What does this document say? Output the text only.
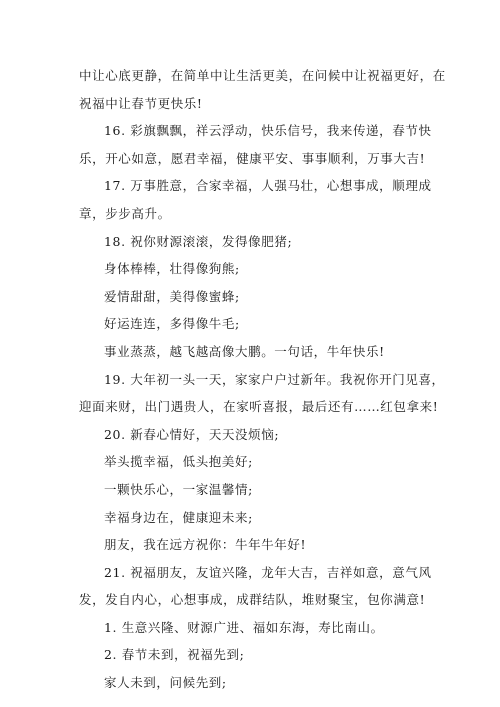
中让心底更静，在简单中让生活更美，在问候中让祝福更好，在
祝福中让春节更快乐!
16. 彩旗飘飘，祥云浮动，快乐信号，我来传递，春节快
乐，开心如意，愿君幸福，健康平安、事事顺利，万事大吉!
17. 万事胜意，合家幸福，人强马壮，心想事成，顺理成
章，步步高升。
18. 祝你财源滚滚，发得像肥猪;
身体棒棒，壮得像狗熊;
爱情甜甜，美得像蜜蜂;
好运连连，多得像牛毛;
事业蒸蒸，越飞越高像大鹏。一句话，牛年快乐!
19. 大年初一头一天，家家户户过新年。我祝你开门见喜，
迎面来财，出门遇贵人，在家听喜报，最后还有……红包拿来!
20. 新春心情好，天天没烦恼;
举头揽幸福，低头抱美好;
一颗快乐心，一家温馨情;
幸福身边在，健康迎未来;
朋友，我在远方祝你：牛年牛年好!
21. 祝福朋友，友谊兴隆，龙年大吉，吉祥如意，意气风
发，发自内心，心想事成，成群结队，堆财聚宝，包你满意!
1. 生意兴隆、财源广进、福如东海，寿比南山。
2. 春节未到，祝福先到;
家人未到，问候先到;
